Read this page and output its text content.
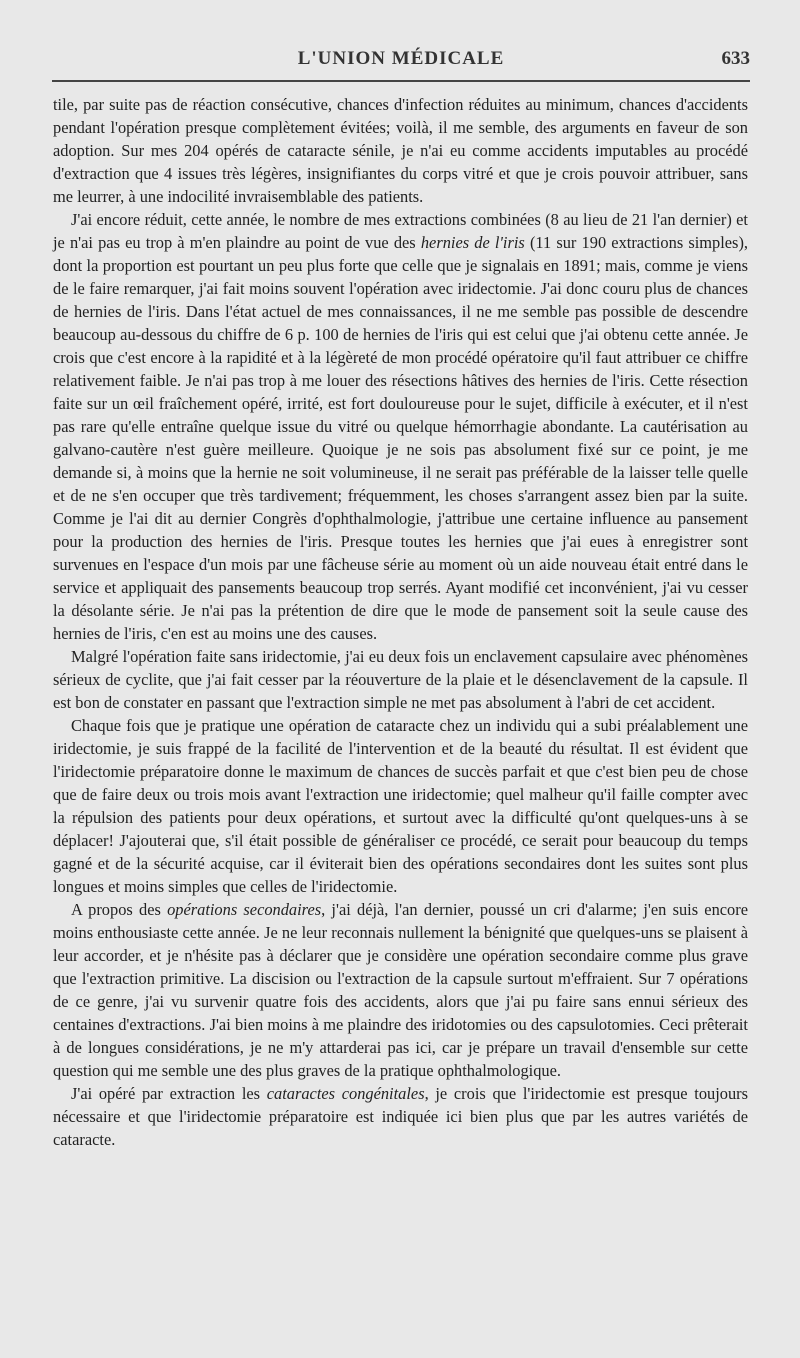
L'UNION MÉDICALE	633

tile, par suite pas de réaction consécutive, chances d'infection réduites au minimum, chances d'accidents pendant l'opération presque complètement évitées; voilà, il me semble, des arguments en faveur de son adoption. Sur mes 204 opérés de cataracte sénile, je n'ai eu comme accidents imputables au procédé d'extraction que 4 issues très légères, insignifiantes du corps vitré et que je crois pouvoir attribuer, sans me leurrer, à une indocilité invraisemblable des patients.

J'ai encore réduit, cette année, le nombre de mes extractions combinées (8 au lieu de 21 l'an dernier) et je n'ai pas eu trop à m'en plaindre au point de vue des hernies de l'iris (11 sur 190 extractions simples), dont la proportion est pourtant un peu plus forte que celle que je signalais en 1891; mais, comme je viens de le faire remarquer, j'ai fait moins souvent l'opération avec iridectomie. J'ai donc couru plus de chances de hernies de l'iris. Dans l'état actuel de mes connaissances, il ne me semble pas possible de descendre beaucoup au-dessous du chiffre de 6 p. 100 de hernies de l'iris qui est celui que j'ai obtenu cette année. Je crois que c'est encore à la rapidité et à la légèreté de mon procédé opératoire qu'il faut attribuer ce chiffre relativement faible. Je n'ai pas trop à me louer des résections hâtives des hernies de l'iris. Cette résection faite sur un œil fraîchement opéré, irrité, est fort douloureuse pour le sujet, difficile à exécuter, et il n'est pas rare qu'elle entraîne quelque issue du vitré ou quelque hémorrhagie abondante. La cautérisation au galvano-cautère n'est guère meilleure. Quoique je ne sois pas absolument fixé sur ce point, je me demande si, à moins que la hernie ne soit volumineuse, il ne serait pas préférable de la laisser telle quelle et de ne s'en occuper que très tardivement; fréquemment, les choses s'arrangent assez bien par la suite. Comme je l'ai dit au dernier Congrès d'ophthalmologie, j'attribue une certaine influence au pansement pour la production des hernies de l'iris. Presque toutes les hernies que j'ai eues à enregistrer sont survenues en l'espace d'un mois par une fâcheuse série au moment où un aide nouveau était entré dans le service et appliquait des pansements beaucoup trop serrés. Ayant modifié cet inconvénient, j'ai vu cesser la désolante série. Je n'ai pas la prétention de dire que le mode de pansement soit la seule cause des hernies de l'iris, c'en est au moins une des causes.

Malgré l'opération faite sans iridectomie, j'ai eu deux fois un enclavement capsulaire avec phénomènes sérieux de cyclite, que j'ai fait cesser par la réouverture de la plaie et le désenclavement de la capsule. Il est bon de constater en passant que l'extraction simple ne met pas absolument à l'abri de cet accident.

Chaque fois que je pratique une opération de cataracte chez un individu qui a subi préalablement une iridectomie, je suis frappé de la facilité de l'intervention et de la beauté du résultat. Il est évident que l'iridectomie préparatoire donne le maximum de chances de succès parfait et que c'est bien peu de chose que de faire deux ou trois mois avant l'extraction une iridectomie; quel malheur qu'il faille compter avec la répulsion des patients pour deux opérations, et surtout avec la difficulté qu'ont quelques-uns à se déplacer! J'ajouterai que, s'il était possible de généraliser ce procédé, ce serait pour beaucoup du temps gagné et de la sécurité acquise, car il éviterait bien des opérations secondaires dont les suites sont plus longues et moins simples que celles de l'iridectomie.

A propos des opérations secondaires, j'ai déjà, l'an dernier, poussé un cri d'alarme; j'en suis encore moins enthousiaste cette année. Je ne leur reconnais nullement la bénignité que quelques-uns se plaisent à leur accorder, et je n'hésite pas à déclarer que je considère une opération secondaire comme plus grave que l'extraction primitive. La discision ou l'extraction de la capsule surtout m'effraient. Sur 7 opérations de ce genre, j'ai vu survenir quatre fois des accidents, alors que j'ai pu faire sans ennui sérieux des centaines d'extractions. J'ai bien moins à me plaindre des iridotomies ou des capsulotomies. Ceci prêterait à de longues considérations, je ne m'y attarderai pas ici, car je prépare un travail d'ensemble sur cette question qui me semble une des plus graves de la pratique ophthalmologique.

J'ai opéré par extraction les cataractes congénitales, je crois que l'iridectomie est presque toujours nécessaire et que l'iridectomie préparatoire est indiquée ici bien plus que par les autres variétés de cataracte.
